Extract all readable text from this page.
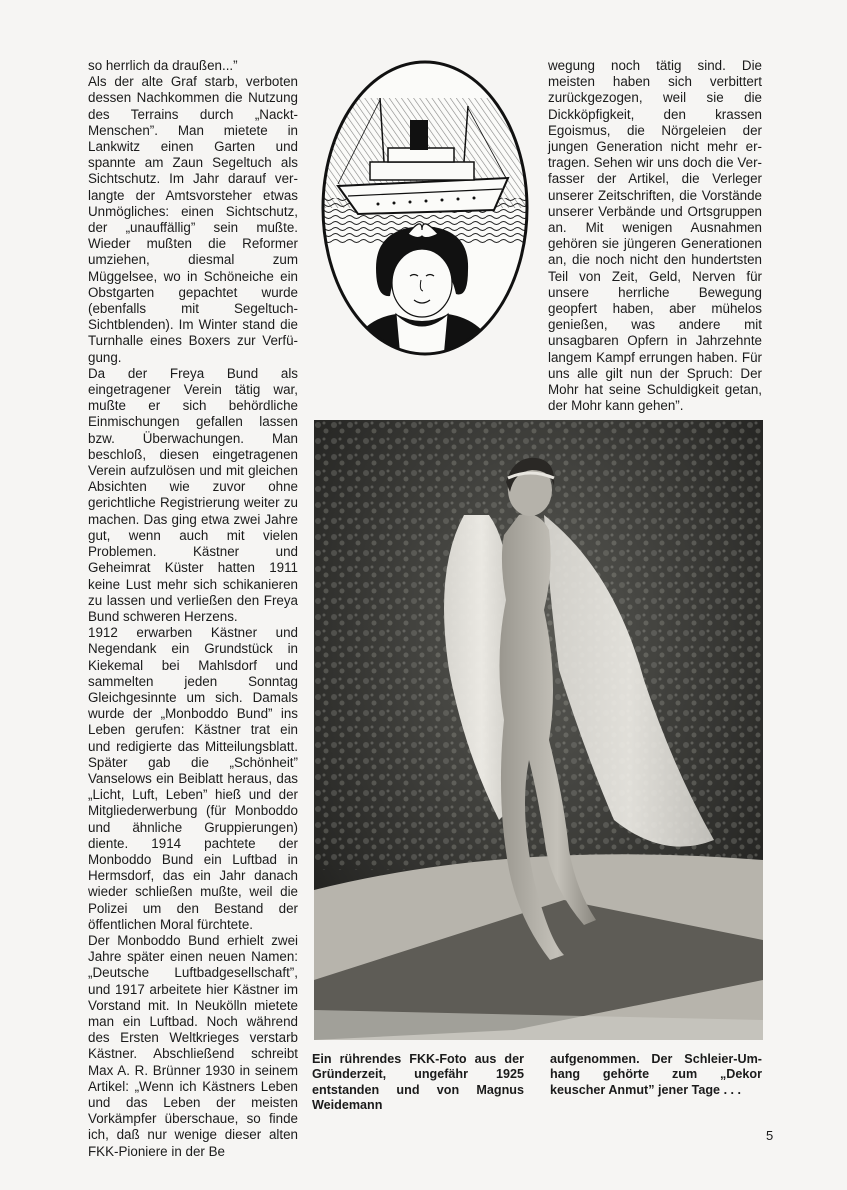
so herrlich da draußen...”

Als der alte Graf starb, verboten dessen Nachkommen die Nutzung des Terrains durch „Nackt-Menschen”. Man mietete in Lankwitz einen Garten und spannte am Zaun Segeltuch als Sichtschutz. Im Jahr darauf verlangte der Amtsvorsteher etwas Unmögliches: einen Sichtschutz, der „unauffällig” sein mußte. Wieder mußten die Reformer umziehen, diesmal zum Müggelsee, wo in Schöneiche ein Obstgarten gepachtet wurde (ebenfalls mit Segeltuch-Sichtblenden). Im Winter stand die Turnhalle eines Boxers zur Verfügung.

Da der Freya Bund als eingetragener Verein tätig war, mußte er sich behördliche Einmischungen gefallen lassen bzw. Überwachungen. Man beschloß, diesen eingetragenen Verein aufzulösen und mit gleichen Absichten wie zuvor ohne gerichtliche Registrierung weiter zu machen. Das ging etwa zwei Jahre gut, wenn auch mit vielen Problemen. Kästner und Geheimrat Küster hatten 1911 keine Lust mehr sich schikanieren zu lassen und verließen den Freya Bund schweren Herzens.

1912 erwarben Kästner und Negendank ein Grundstück in Kiekemal bei Mahlsdorf und sammelten jeden Sonntag Gleichgesinnte um sich. Damals wurde der „Monboddo Bund” ins Leben gerufen: Kästner trat ein und redigierte das Mitteilungsblatt. Später gab die „Schönheit” Vanselows ein Beiblatt heraus, das „Licht, Luft, Leben” hieß und der Mitgliederwerbung (für Monboddo und ähnliche Gruppierungen) diente. 1914 pachtete der Monboddo Bund ein Luftbad in Hermsdorf, das ein Jahr danach wieder schließen mußte, weil die Polizei um den Bestand der öffentlichen Moral fürchtete.

Der Monboddo Bund erhielt zwei Jahre später einen neuen Namen: „Deutsche Luftbadgesellschaft”, und 1917 arbeitete hier Kästner im Vorstand mit. In Neukölln mietete man ein Luftbad. Noch während des Ersten Weltkrieges verstarb Kästner. Abschließend schreibt Max A. R. Brünner 1930 in seinem Artikel: „Wenn ich Kästners Leben und das Leben der meisten Vorkämpfer überschaue, so finde ich, daß nur wenige dieser alten FKK-Pioniere in der Be

wegung noch tätig sind. Die meisten haben sich verbittert zurückgezogen, weil sie die Dickköpfigkeit, den krassen Egoismus, die Nörgeleien der jungen Generation nicht mehr ertragen. Sehen wir uns doch die Verfasser der Artikel, die Verleger unserer Zeitschriften, die Vorstände unserer Verbände und Ortsgruppen an. Mit wenigen Ausnahmen gehören sie jüngeren Generationen an, die noch nicht den hundertsten Teil von Zeit, Geld, Nerven für unsere herrliche Bewegung geopfert haben, aber mühelos genießen, was andere mit unsagbaren Opfern in Jahrzehnte langem Kampf errungen haben. Für uns alle gilt nun der Spruch: Der Mohr hat seine Schuldigkeit getan, der Mohr kann gehen”.

Ein rührendes FKK-Foto aus der Gründerzeit, ungefähr 1925 entstanden und von Magnus Weidemann
aufgenommen. Der Schleier-Umhang gehörte zum „Dekor keuscher Anmut” jener Tage . . .
5
